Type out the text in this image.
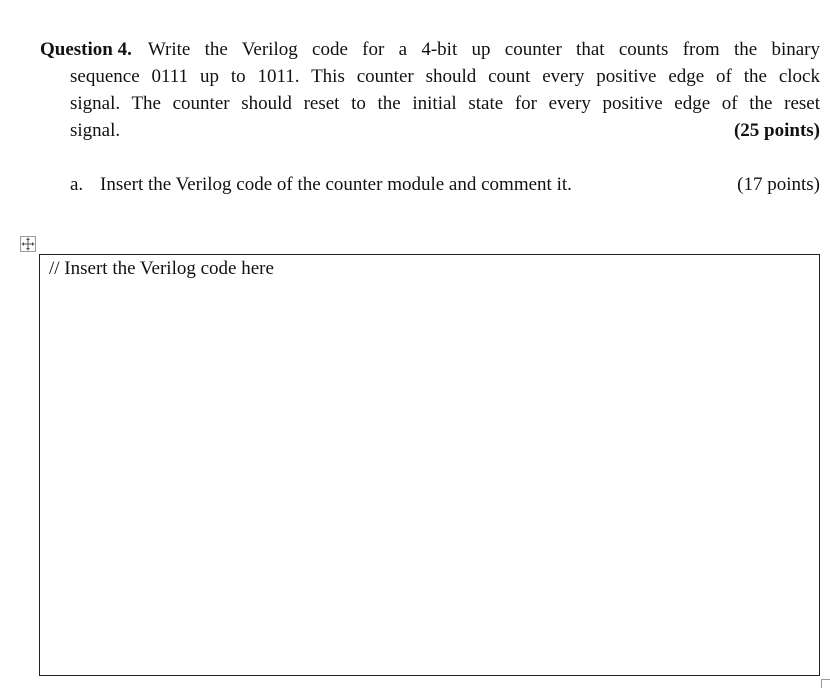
Question 4. Write the Verilog code for a 4-bit up counter that counts from the binary
sequence 0111 up to 1011. This counter should count every positive edge of the clock
signal. The counter should reset to the initial state for every positive edge of the reset
signal.	(25 points)
a. Insert the Verilog code of the counter module and comment it.	(17 points)
// Insert the Verilog code here
